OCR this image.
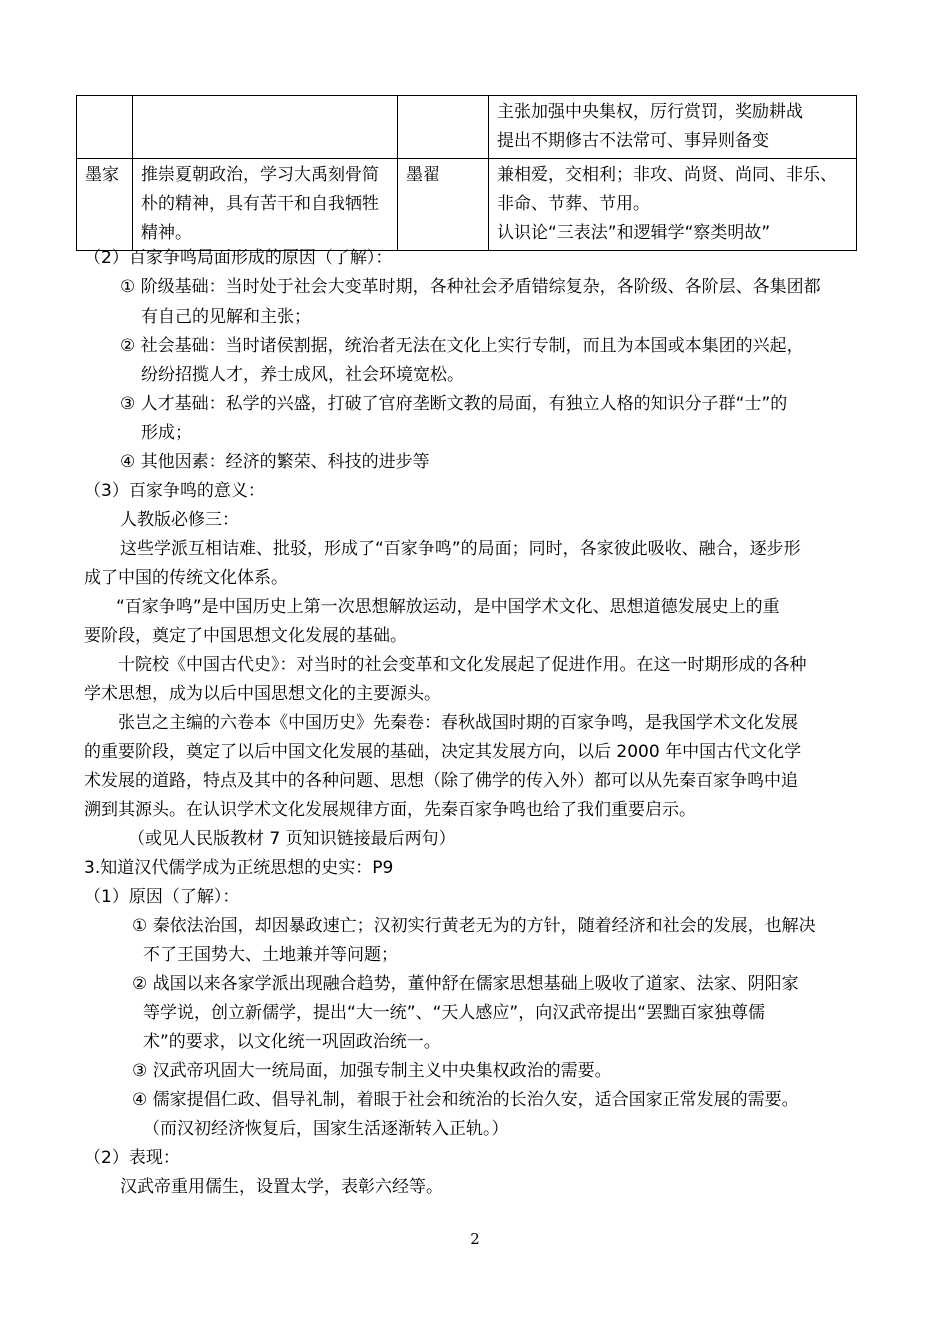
			主张加强中央集权，厉行赏罚，奖励耕战
提出不期修古不法常可、事异则备变

墨家	推崇夏朝政治，学习大禹刻骨简朴的精神，具有苦干和自我牺牲精神。	墨翟	兼相爱，交相利；非攻、尚贤、尚同、非乐、非命、节葬、节用。
认识论“三表法”和逻辑学“察类明故”
（2）百家争鸣局面形成的原因（了解）：
① 阶级基础：当时处于社会大变革时期，各种社会矛盾错综复杂，各阶级、各阶层、各集团都
有自己的见解和主张；
② 社会基础：当时诸侯割据，统治者无法在文化上实行专制，而且为本国或本集团的兴起，
纷纷招揽人才，养士成风，社会环境宽松。
③ 人才基础：私学的兴盛，打破了官府垄断文教的局面，有独立人格的知识分子群“士”的
形成；
④ 其他因素：经济的繁荣、科技的进步等
（3）百家争鸣的意义：
人教版必修三：
这些学派互相诘难、批驳，形成了“百家争鸣”的局面；同时，各家彼此吸收、融合，逐步形
成了中国的传统文化体系。
“百家争鸣”是中国历史上第一次思想解放运动，是中国学术文化、思想道德发展史上的重
要阶段，奠定了中国思想文化发展的基础。
十院校《中国古代史》：对当时的社会变革和文化发展起了促进作用。在这一时期形成的各种
学术思想，成为以后中国思想文化的主要源头。
张岂之主编的六卷本《中国历史》先秦卷：春秋战国时期的百家争鸣，是我国学术文化发展
的重要阶段，奠定了以后中国文化发展的基础，决定其发展方向，以后 2000 年中国古代文化学
术发展的道路，特点及其中的各种问题、思想（除了佛学的传入外）都可以从先秦百家争鸣中追
溯到其源头。在认识学术文化发展规律方面，先秦百家争鸣也给了我们重要启示。
（或见人民版教材 7 页知识链接最后两句）
3.知道汉代儒学成为正统思想的史实：P9
（1）原因（了解）：
① 秦依法治国，却因暴政速亡；汉初实行黄老无为的方针，随着经济和社会的发展，也解决
不了王国势大、土地兼并等问题；
② 战国以来各家学派出现融合趋势，董仲舒在儒家思想基础上吸收了道家、法家、阴阳家
等学说，创立新儒学，提出“大一统”、“天人感应”，向汉武帝提出“罢黜百家独尊儒
术”的要求，以文化统一巩固政治统一。
③ 汉武帝巩固大一统局面，加强专制主义中央集权政治的需要。
④ 儒家提倡仁政、倡导礼制，着眼于社会和统治的长治久安，适合国家正常发展的需要。
（而汉初经济恢复后，国家生活逐渐转入正轨。）
（2）表现：
汉武帝重用儒生，设置太学，表彰六经等。
2
